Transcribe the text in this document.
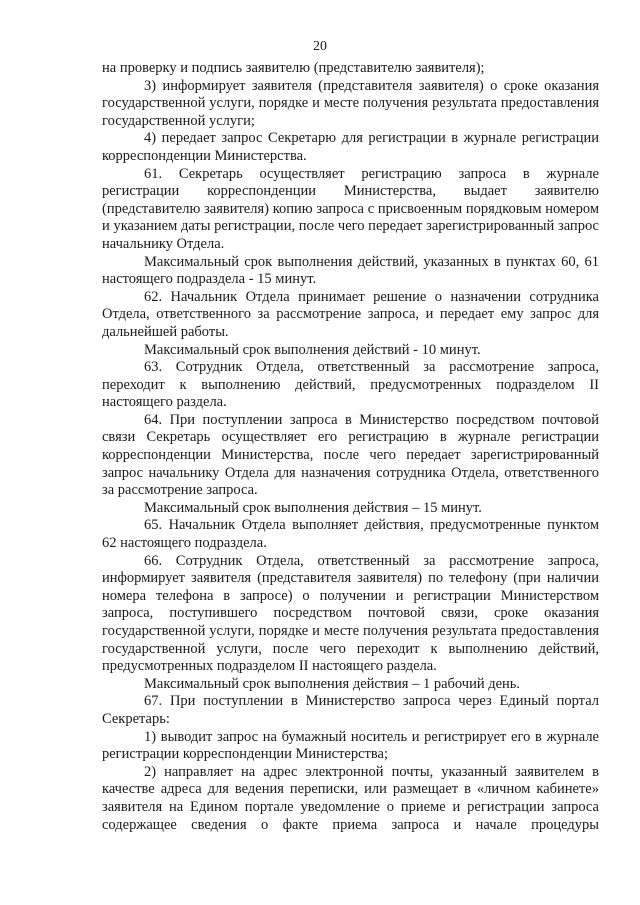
20

на проверку и подпись заявителю (представителю заявителя);

3) информирует заявителя (представителя заявителя) о сроке оказания государственной услуги, порядке и месте получения результата предоставления государственной услуги;

4) передает запрос Секретарю для регистрации в журнале регистрации корреспонденции Министерства.

61. Секретарь осуществляет регистрацию запроса в журнале регистрации корреспонденции Министерства, выдает заявителю (представителю заявителя) копию запроса с присвоенным порядковым номером и указанием даты регистрации, после чего передает зарегистрированный запрос начальнику Отдела.

Максимальный срок выполнения действий, указанных в пунктах 60, 61 настоящего подраздела - 15 минут.

62. Начальник Отдела принимает решение о назначении сотрудника Отдела, ответственного за рассмотрение запроса, и передает ему запрос для дальнейшей работы.

Максимальный срок выполнения действий - 10 минут.

63. Сотрудник Отдела, ответственный за рассмотрение запроса, переходит к выполнению действий, предусмотренных подразделом II настоящего раздела.

64. При поступлении запроса в Министерство посредством почтовой связи Секретарь осуществляет его регистрацию в журнале регистрации корреспонденции Министерства, после чего передает зарегистрированный запрос начальнику Отдела для назначения сотрудника Отдела, ответственного за рассмотрение запроса.

Максимальный срок выполнения действия – 15 минут.

65. Начальник Отдела выполняет действия, предусмотренные пунктом 62 настоящего подраздела.

66. Сотрудник Отдела, ответственный за рассмотрение запроса, информирует заявителя (представителя заявителя) по телефону (при наличии номера телефона в запросе) о получении и регистрации Министерством запроса, поступившего посредством почтовой связи, сроке оказания государственной услуги, порядке и месте получения результата предоставления государственной услуги, после чего переходит к выполнению действий, предусмотренных подразделом II настоящего раздела.

Максимальный срок выполнения действия – 1 рабочий день.

67. При поступлении в Министерство запроса через Единый портал Секретарь:

1) выводит запрос на бумажный носитель и регистрирует его в журнале регистрации корреспонденции Министерства;

2) направляет на адрес электронной почты, указанный заявителем в качестве адреса для ведения переписки, или размещает в «личном кабинете» заявителя на Едином портале уведомление о приеме и регистрации запроса содержащее сведения о факте приема запроса и начале процедуры
